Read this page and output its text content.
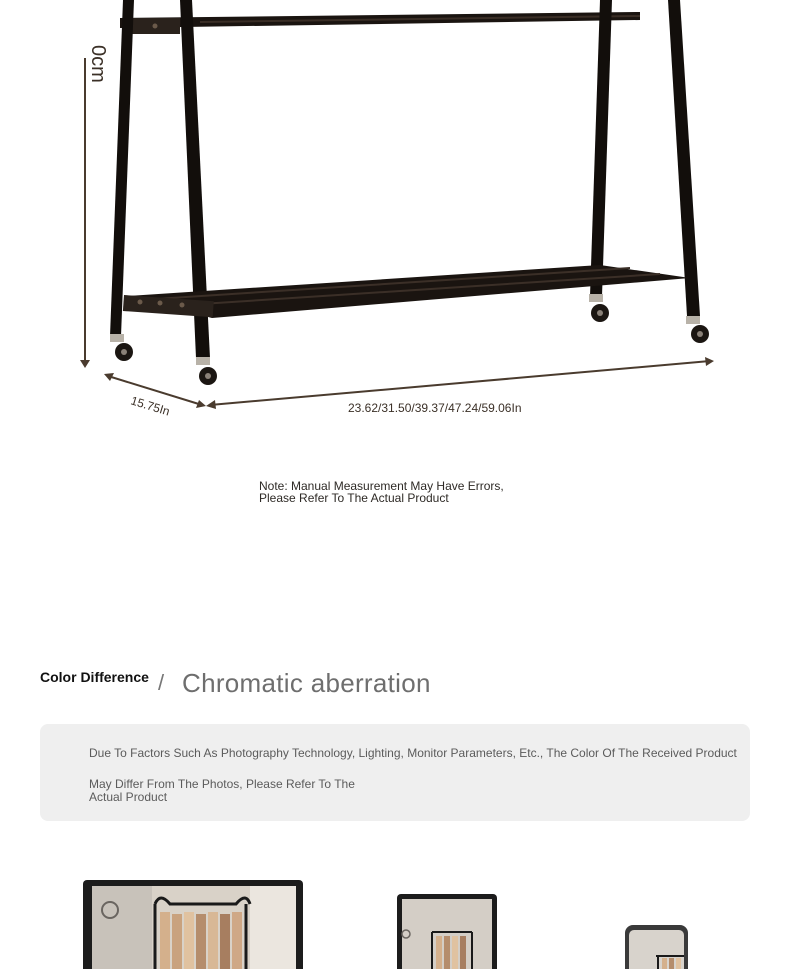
0cm
15.75In	23.62/31.50/39.37/47.24/59.06In
Note: Manual Measurement May Have Errors,
Please Refer To The Actual Product
Color Difference / Chromatic aberration
Due To Factors Such As Photography Technology, Lighting, Monitor Parameters, Etc., The Color Of The Received Product
May Differ From The Photos, Please Refer To The Actual Product
